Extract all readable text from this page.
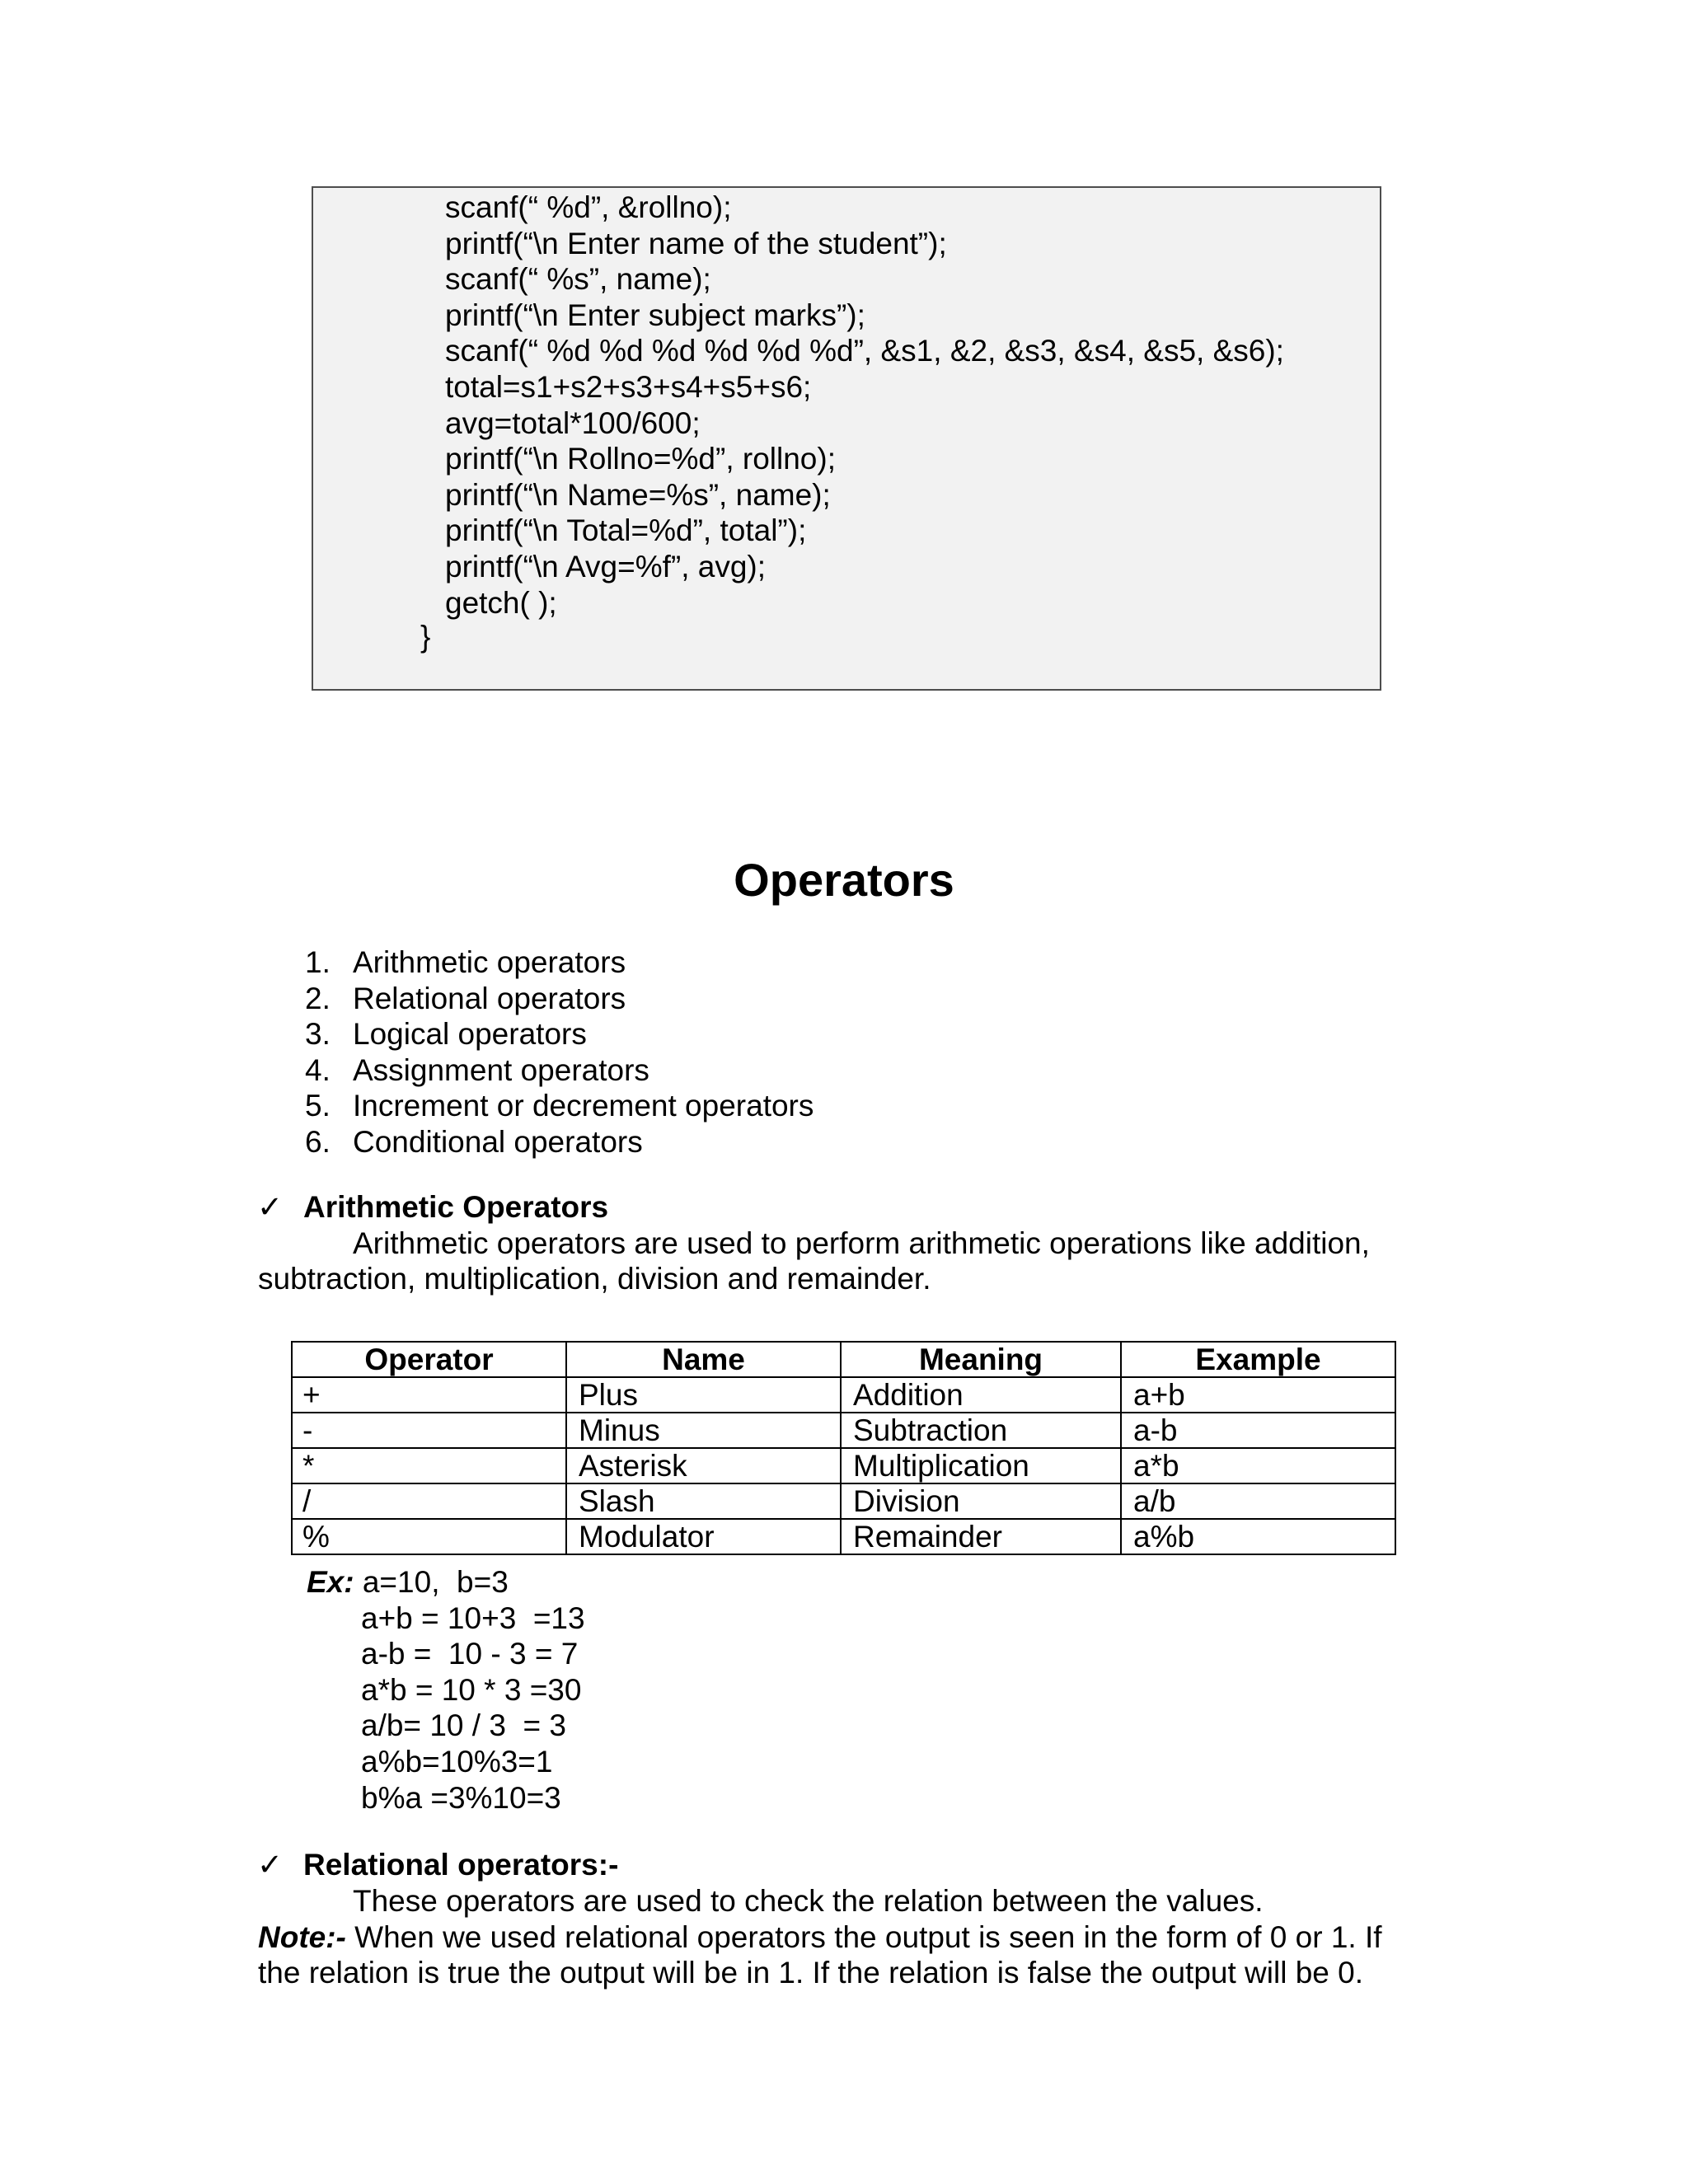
scanf(“ %d”, &rollno);
printf(“\n Enter name of the student”);
scanf(“ %s”, name);
printf(“\n Enter subject marks”);
scanf(“ %d %d %d %d %d %d”, &s1, &2, &s3, &s4, &s5, &s6);
total=s1+s2+s3+s4+s5+s6;
avg=total*100/600;
printf(“\n Rollno=%d”, rollno);
printf(“\n Name=%s”, name);
printf(“\n Total=%d”, total”);
printf(“\n Avg=%f”, avg);
getch( );
}
Operators
1. Arithmetic operators
2. Relational operators
3. Logical operators
4. Assignment operators
5. Increment or decrement operators
6. Conditional operators
✓ Arithmetic Operators
Arithmetic operators are used to perform arithmetic operations like addition,
subtraction, multiplication, division and remainder.
Operator	Name	Meaning	Example
+	Plus	Addition	a+b
-	Minus	Subtraction	a-b
*	Asterisk	Multiplication	a*b
/	Slash	Division	a/b
%	Modulator	Remainder	a%b
Ex: a=10,  b=3
a+b = 10+3  =13
a-b =  10 - 3 = 7
a*b = 10 * 3 =30
a/b= 10 / 3  = 3
a%b=10%3=1
b%a =3%10=3
✓ Relational operators:-
These operators are used to check the relation between the values.
Note:- When we used relational operators the output is seen in the form of 0 or 1. If
the relation is true the output will be in 1. If the relation is false the output will be 0.
